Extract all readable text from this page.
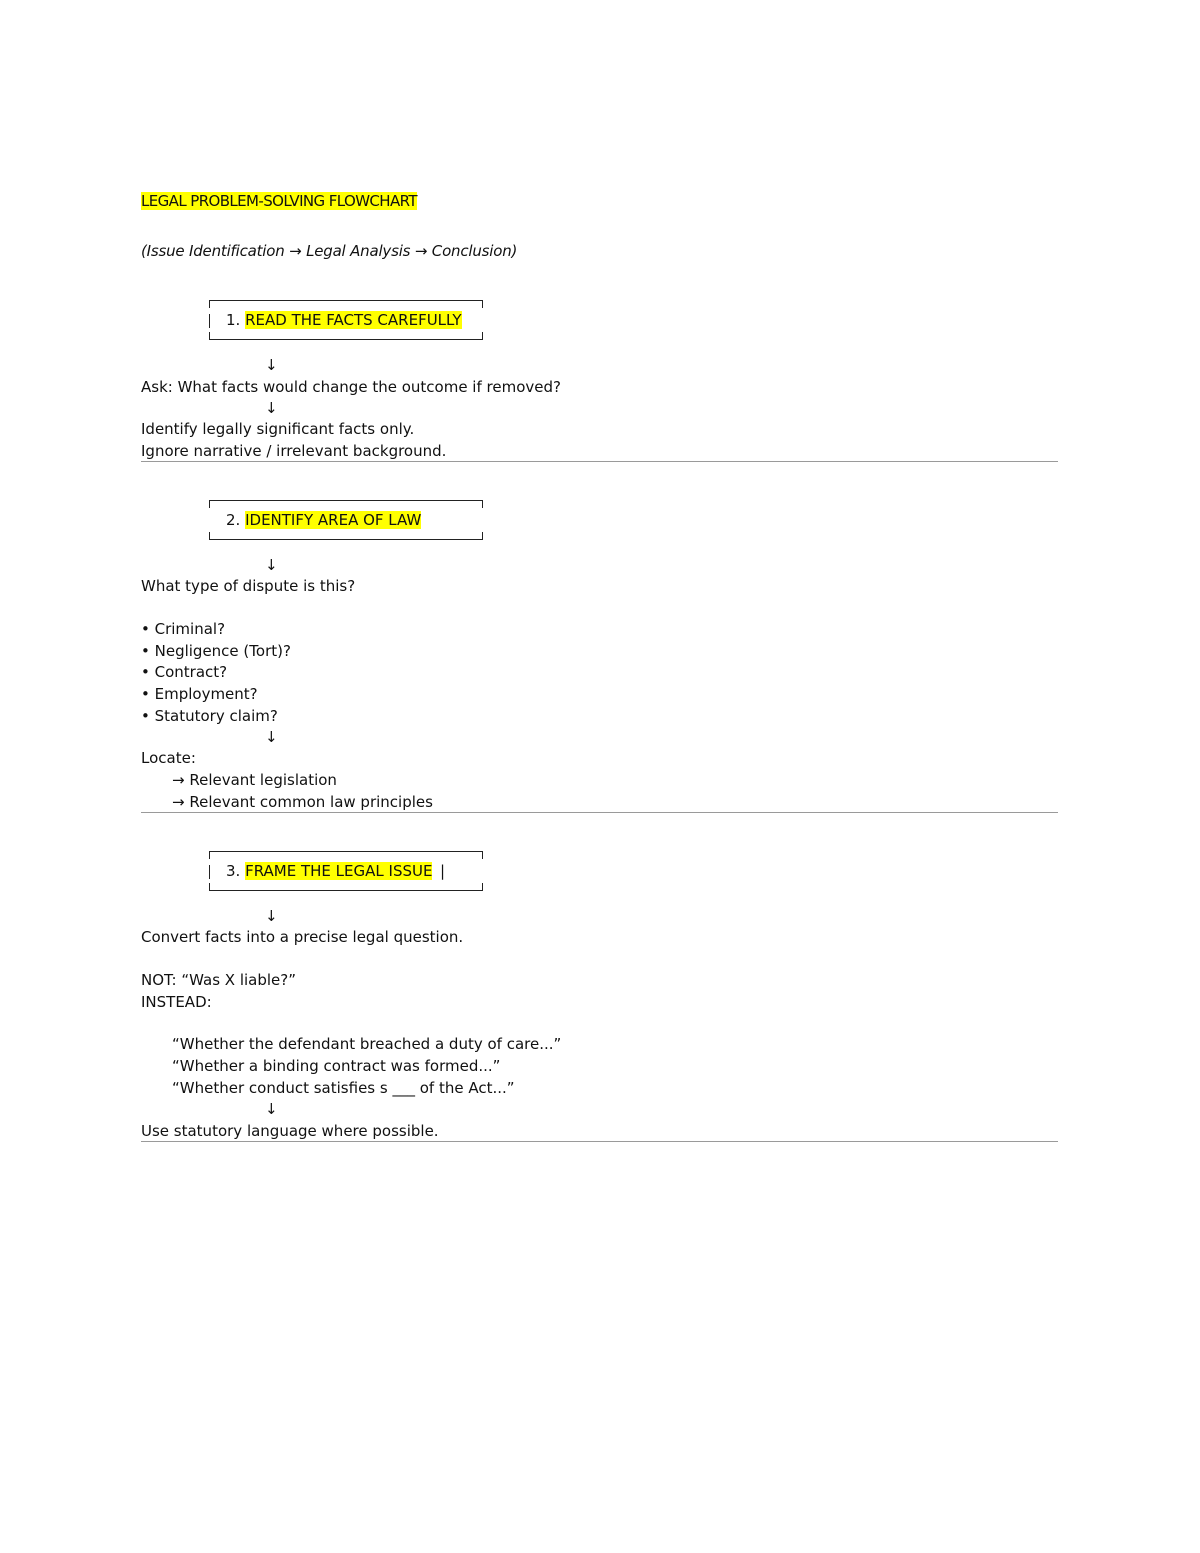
LEGAL PROBLEM-SOLVING FLOWCHART
(Issue Identification → Legal Analysis → Conclusion)
1. READ THE FACTS CAREFULLY
↓
Ask: What facts would change the outcome if removed?
↓
Identify legally significant facts only.
Ignore narrative / irrelevant background.
2. IDENTIFY AREA OF LAW
↓
What type of dispute is this?
• Criminal?
• Negligence (Tort)?
• Contract?
• Employment?
• Statutory claim?
↓
Locate:
→ Relevant legislation
→ Relevant common law principles
3. FRAME THE LEGAL ISSUE |
↓
Convert facts into a precise legal question.
NOT: “Was X liable?”
INSTEAD:
“Whether the defendant breached a duty of care...”
“Whether a binding contract was formed...”
“Whether conduct satisfies s ___ of the Act...”
↓
Use statutory language where possible.
